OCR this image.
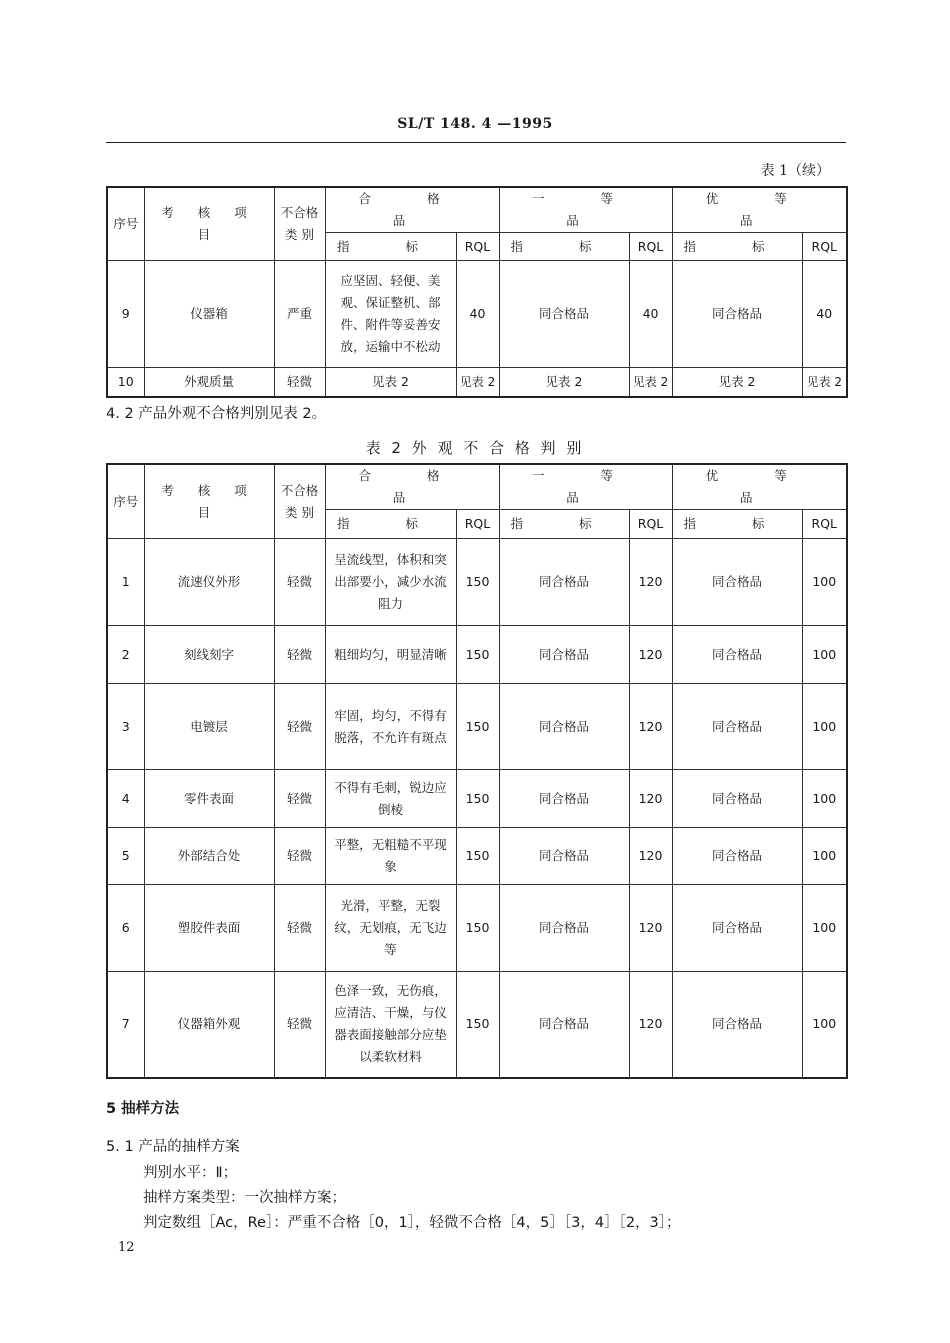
SL/T 148. 4 —1995
表 1（续）
序号	考 核 项 目	不合格
类 别	合 格 品		一 等 品		优 等 品	
			指 标	RQL	指 标	RQL	指 标	RQL
9	仪器箱	严重	应坚固、轻便、美观、保证整机、部件、附件等妥善安放，运输中不松动	40	同合格品	40	同合格品	40
10	外观质量	轻微	见表 2	见表 2	见表 2	见表 2	见表 2	见表 2
4. 2 产品外观不合格判别见表 2。
表 2 外 观 不 合 格 判 别
序号	考 核 项 目	不合格
类 别	合 格 品		一 等 品		优 等 品	
			指 标	RQL	指 标	RQL	指 标	RQL
1	流速仪外形	轻微	呈流线型，体积和突出部要小，减少水流阻力	150	同合格品	120	同合格品	100
2	刻线刻字	轻微	粗细均匀，明显清晰	150	同合格品	120	同合格品	100
3	电镀层	轻微	牢固，均匀，不得有脱落，不允许有斑点	150	同合格品	120	同合格品	100
4	零件表面	轻微	不得有毛刺，锐边应倒棱	150	同合格品	120	同合格品	100
5	外部结合处	轻微	平整，无粗糙不平现象	150	同合格品	120	同合格品	100
6	塑胶件表面	轻微	光滑，平整，无裂纹，无划痕，无飞边等	150	同合格品	120	同合格品	100
7	仪器箱外观	轻微	色泽一致，无伤痕，应清洁、干燥，与仪器表面接触部分应垫以柔软材料	150	同合格品	120	同合格品	100
5 抽样方法
5. 1 产品的抽样方案
判别水平：Ⅱ；
抽样方案类型：一次抽样方案；
判定数组［Ac，Re］：严重不合格［0，1］，轻微不合格［4，5］［3，4］［2，3］；
12
